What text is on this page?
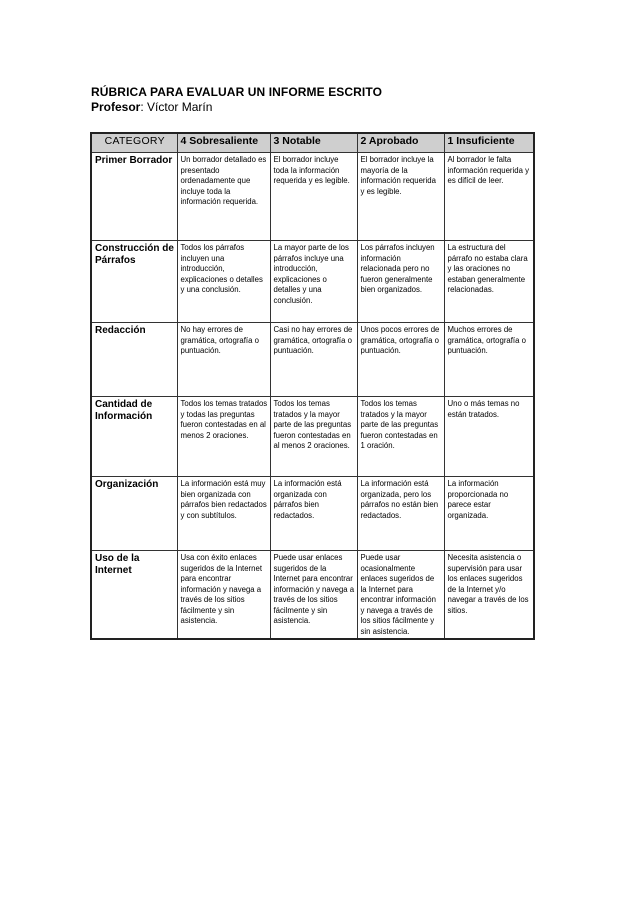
RÚBRICA PARA EVALUAR UN INFORME ESCRITO
Profesor: Víctor Marín
CATEGORY	4 Sobresaliente	3 Notable	2 Aprobado	1 Insuficiente
Primer Borrador	Un borrador detallado es presentado ordenadamente que incluye toda la información requerida.	El borrador incluye toda la información requerida y es legible.	El borrador incluye la mayoría de la información requerida y es legible.	Al borrador le falta información requerida y es difícil de leer.
Construcción de Párrafos	Todos los párrafos incluyen una introducción, explicaciones o detalles y una conclusión.	La mayor parte de los párrafos incluye una introducción, explicaciones o detalles y una conclusión.	Los párrafos incluyen información relacionada pero no fueron generalmente bien organizados.	La estructura del párrafo no estaba clara y las oraciones no estaban generalmente relacionadas.
Redacción	No hay errores de gramática, ortografía o puntuación.	Casi no hay errores de gramática, ortografía o puntuación.	Unos pocos errores de gramática, ortografía o puntuación.	Muchos errores de gramática, ortografía o puntuación.
Cantidad de Información	Todos los temas tratados y todas las preguntas fueron contestadas en al menos 2 oraciones.	Todos los temas tratados y la mayor parte de las preguntas fueron contestadas en al menos 2 oraciones.	Todos los temas tratados y la mayor parte de las preguntas fueron contestadas en 1 oración.	Uno o más temas no están tratados.
Organización	La información está muy bien organizada con párrafos bien redactados y con subtítulos.	La información está organizada con párrafos bien redactados.	La información está organizada, pero los párrafos no están bien redactados.	La información proporcionada no parece estar organizada.
Uso de la Internet	Usa con éxito enlaces sugeridos de la Internet para encontrar información y navega a través de los sitios fácilmente y sin asistencia.	Puede usar enlaces sugeridos de la Internet para encontrar información y navega a través de los sitios fácilmente y sin asistencia.	Puede usar ocasionalmente enlaces sugeridos de la Internet para encontrar información y navega a través de los sitios fácilmente y sin asistencia.	Necesita asistencia o supervisión para usar los enlaces sugeridos de la Internet y/o navegar a través de los sitios.
